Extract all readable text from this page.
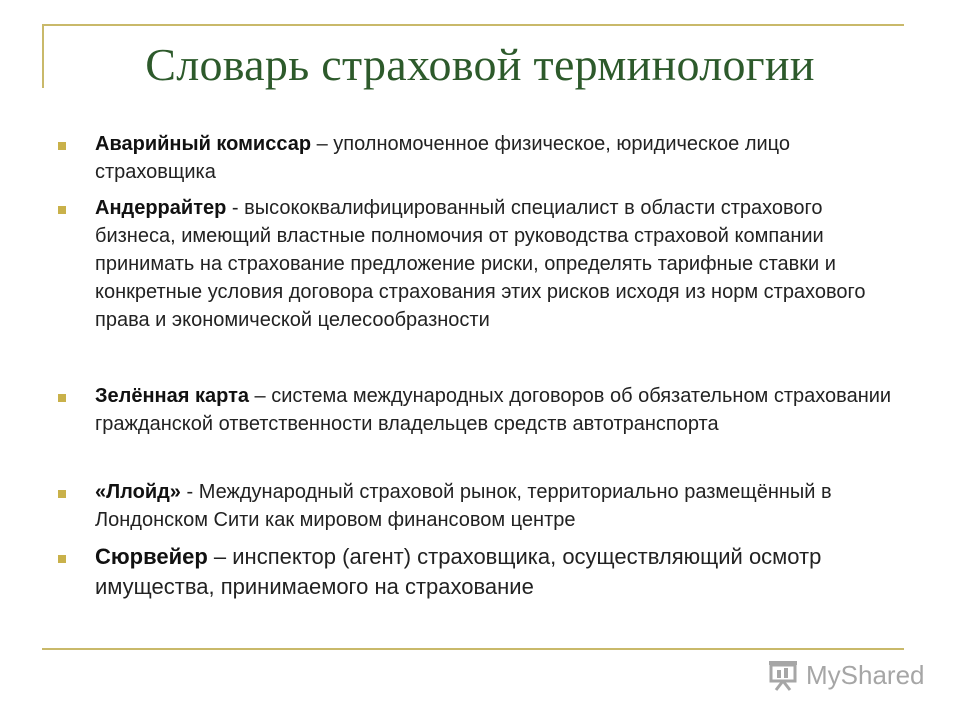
Словарь страховой терминологии
Аварийный комиссар – уполномоченное физическое, юридическое лицо страховщика
Андеррайтер - высококвалифицированный специалист в области страхового бизнеса, имеющий властные полномочия от руководства страховой компании принимать на страхование предложение риски, определять тарифные ставки и конкретные условия договора страхования этих рисков исходя из норм страхового права и экономической целесообразности
Зелённая карта – система международных договоров об обязательном страховании гражданской ответственности владельцев средств автотранспорта
«Ллойд» - Международный страховой рынок, территориально размещённый в Лондонском Сити как мировом финансовом центре
Сюрвейер – инспектор (агент) страховщика, осуществляющий осмотр имущества, принимаемого на страхование
MyShared
